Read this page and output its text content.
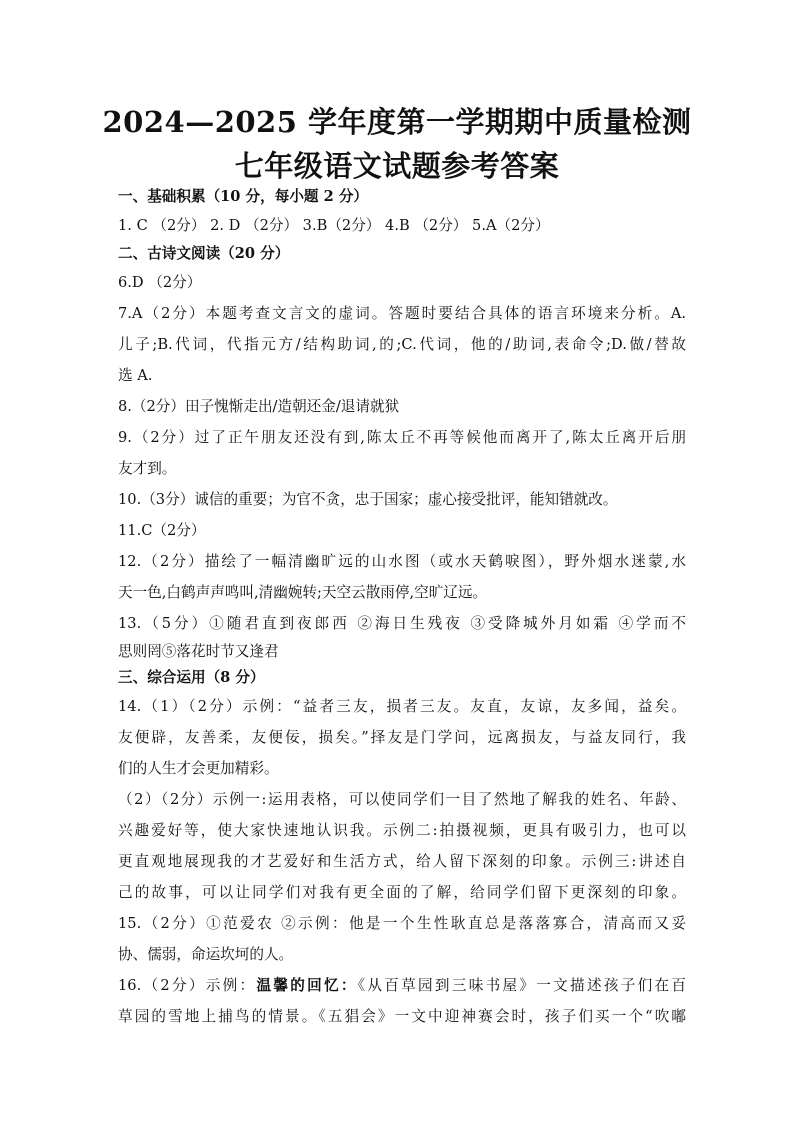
2024—2025 学年度第一学期期中质量检测
七年级语文试题参考答案
一、基础积累（10 分，每小题 2 分）
1. C （2分） 2. D （2分） 3.B（2分） 4.B （2分） 5.A（2分）
二、古诗文阅读（20 分）
6.D （2分）
7.A（2分）本题考查文言文的虚词。答题时要结合具体的语言环境来分析。A.
儿子;B.代词，代指元方/结构助词,的;C.代词，他的/助词,表命令;D.做/替故
选 A.
8.（2分）田子愧惭走出/造朝还金/退请就狱
9.（2分）过了正午朋友还没有到,陈太丘不再等候他而离开了,陈太丘离开后朋
友才到。
10.（3分）诚信的重要；为官不贪，忠于国家；虚心接受批评，能知错就改。
11.C（2分）
12.（2分）描绘了一幅清幽旷远的山水图（或水天鹤唳图），野外烟水迷蒙,水
天一色,白鹤声声鸣叫,清幽婉转;天空云散雨停,空旷辽远。
13.（5分）①随君直到夜郎西 ②海日生残夜 ③受降城外月如霜 ④学而不
思则罔⑤落花时节又逢君
三、综合运用（8 分）
14.（1）（2分）示例：“益者三友，损者三友。友直，友谅，友多闻，益矣。
友便辟，友善柔，友便佞，损矣。”择友是门学问，远离损友，与益友同行，我
们的人生才会更加精彩。
（2）（2分）示例一:运用表格，可以使同学们一目了然地了解我的姓名、年龄、
兴趣爱好等，使大家快速地认识我。示例二:拍摄视频，更具有吸引力，也可以
更直观地展现我的才艺爱好和生活方式，给人留下深刻的印象。示例三:讲述自
己的故事，可以让同学们对我有更全面的了解，给同学们留下更深刻的印象。
15.（2分）①范爱农 ②示例：他是一个生性耿直总是落落寡合，清高而又妥
协、儒弱，命运坎坷的人。
16.（2分）示例：温馨的回忆：《从百草园到三味书屋》一文描述孩子们在百
草园的雪地上捕鸟的情景。《五猖会》一文中迎神赛会时，孩子们买一个“吹嘟
